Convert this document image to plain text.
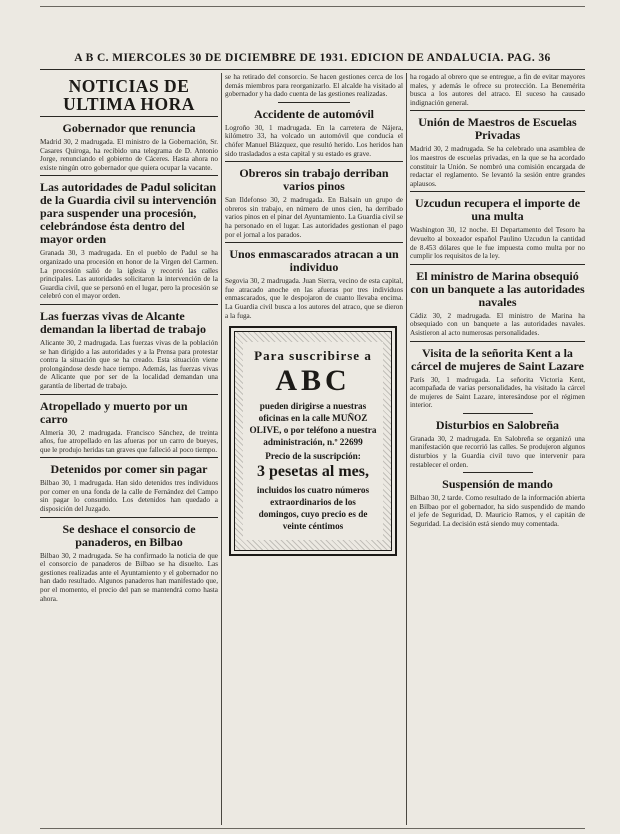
A B C. MIERCOLES 30 DE DICIEMBRE DE 1931. EDICION DE ANDALUCIA. PAG. 36
NOTICIAS DE ULTIMA HORA
Gobernador que renuncia
Madrid 30, 2 madrugada. El ministro de la Gobernación, Sr. Casares Quiroga, ha recibido una telegrama de D. Antonio Jorge, renunciando el gobierno de Cáceres. Hasta ahora no existe ningún otro gobernador que quiera ocupar la vacante.
Las autoridades de Padul solicitan de la Guardia civil su intervención para suspender una procesión, celebrándose ésta dentro del mayor orden
Granada 30, 3 madrugada. En el pueblo de Padul se ha organizado una procesión en honor de la Virgen del Carmen. La procesión salió de la iglesia y recorrió las calles principales. Las autoridades solicitaron la intervención de la Guardia civil, que se personó en el lugar, pero la procesión se celebró con el mayor orden.
Las fuerzas vivas de Alcante demandan la libertad de trabajo
Alicante 30, 2 madrugada. Las fuerzas vivas de la población se han dirigido a las autoridades y a la Prensa para protestar contra la situación que se ha creado. Esta situación viene prolongándose desde hace tiempo. Además, las fuerzas vivas de Alicante que por ser de la localidad demandan una garantía de libertad de trabajo.
Atropellado y muerto por un carro
Almería 30, 2 madrugada. Francisco Sánchez, de treinta años, fue atropellado en las afueras por un carro de bueyes, que le produjo heridas tan graves que falleció al poco tiempo.
Detenidos por comer sin pagar
Bilbao 30, 1 madrugada. Han sido detenidos tres individuos por comer en una fonda de la calle de Fernández del Campo sin pagar lo consumido. Los detenidos han quedado a disposición del Juzgado.
Se deshace el consorcio de panaderos, en Bilbao
Bilbao 30, 2 madrugada. Se ha confirmado la noticia de que el consorcio de panaderos de Bilbao se ha disuelto. Las gestiones realizadas ante el Ayuntamiento y el gobernador no han dado resultado. Algunos panaderos han manifestado que, por el momento, el precio del pan se mantendrá como hasta ahora.
se ha retirado del consorcio. Se hacen gestiones cerca de los demás miembros para reorganizarlo. El alcalde ha visitado al gobernador y ha dado cuenta de las gestiones realizadas.
Accidente de automóvil
Logroño 30, 1 madrugada. En la carretera de Nájera, kilómetro 33, ha volcado un automóvil que conducía el chófer Manuel Blázquez, que resultó herido. Los heridos han sido trasladados a esta capital y su estado es grave.
Obreros sin trabajo derriban varios pinos
San Ildefonso 30, 2 madrugada. En Balsain un grupo de obreros sin trabajo, en número de unos cien, ha derribado varios pinos en el pinar del Ayuntamiento. La Guardia civil se ha personado en el lugar. Las autoridades gestionan el pago por el jornal a los parados.
Unos enmascarados atracan a un individuo
Segovia 30, 2 madrugada. Juan Sierra, vecino de esta capital, fue atracado anoche en las afueras por tres individuos enmascarados, que le despojaron de cuanto llevaba encima. La Guardia civil busca a los autores del atraco, que se dieron a la fuga.
Para suscribirse a
ABC
pueden dirigirse a nuestras oficinas en la calle MUÑOZ OLIVE, o por teléfono a nuestra administración, n.º 22699
Precio de la suscripción:
3 pesetas al mes,
incluidos los cuatro números extraordinarios de los domingos, cuyo precio es de veinte céntimos
ha rogado al obrero que se entregue, a fin de evitar mayores males, y además le ofrece su protección. La Benemérita busca a los autores del atraco. El suceso ha causado indignación general.
Unión de Maestros de Escuelas Privadas
Madrid 30, 2 madrugada. Se ha celebrado una asamblea de los maestros de escuelas privadas, en la que se ha acordado constituir la Unión. Se nombró una comisión encargada de redactar el reglamento. Se levantó la sesión entre grandes aplausos.
Uzcudun recupera el importe de una multa
Washington 30, 12 noche. El Departamento del Tesoro ha devuelto al boxeador español Paulino Uzcudun la cantidad de 8.453 dólares que le fue impuesta como multa por no cumplir los requisitos de la ley.
El ministro de Marina obsequió con un banquete a las autoridades navales
Cádiz 30, 2 madrugada. El ministro de Marina ha obsequiado con un banquete a las autoridades navales. Asistieron al acto numerosas personalidades.
Visita de la señorita Kent a la cárcel de mujeres de Saint Lazare
París 30, 1 madrugada. La señorita Victoria Kent, acompañada de varias personalidades, ha visitado la cárcel de mujeres de Saint Lazare, interesándose por el régimen interior.
Disturbios en Salobreña
Granada 30, 2 madrugada. En Salobreña se organizó una manifestación que recorrió las calles. Se produjeron algunos disturbios y la Guardia civil tuvo que intervenir para restablecer el orden.
Suspensión de mando
Bilbao 30, 2 tarde. Como resultado de la información abierta en Bilbao por el gobernador, ha sido suspendido de mando el jefe de Seguridad, D. Mauricio Ramos, y el capitán de Seguridad. La decisión está siendo muy comentada.
